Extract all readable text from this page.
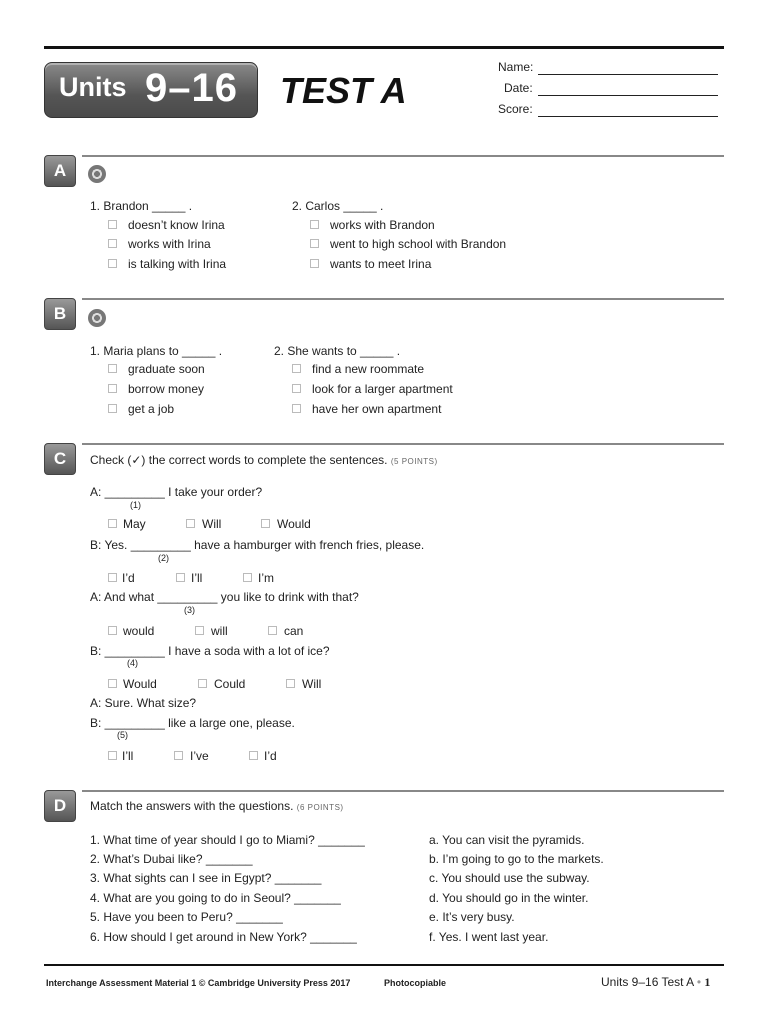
Units 9–16 TEST A
Name:
Date:
Score:
A
1. Brandon _____ .
doesn’t know Irina
works with Irina
is talking with Irina
2. Carlos _____ .
works with Brandon
went to high school with Brandon
wants to meet Irina
B
1. Maria plans to _____ .
graduate soon
borrow money
get a job
2. She wants to _____ .
find a new roommate
look for a larger apartment
have her own apartment
C	Check (✓) the correct words to complete the sentences. (5 POINTS)
A: _________ I take your order?
(1)
May	Will	Would
B: Yes. _________ have a hamburger with french fries, please.
(2)
I’d	I’ll	I’m
A: And what _________ you like to drink with that?
(3)
would	will	can
B: _________ I have a soda with a lot of ice?
(4)
Would	Could	Will
A: Sure. What size?
B: _________ like a large one, please.
(5)
I’ll	I’ve	I’d
D	Match the answers with the questions. (6 POINTS)
1. What time of year should I go to Miami? _______
2. What’s Dubai like? _______
3. What sights can I see in Egypt? _______
4. What are you going to do in Seoul? _______
5. Have you been to Peru? _______
6. How should I get around in New York? _______
a. You can visit the pyramids.
b. I’m going to go to the markets.
c. You should use the subway.
d. You should go in the winter.
e. It’s very busy.
f. Yes. I went last year.
Interchange Assessment Material 1 © Cambridge University Press 2017	Photocopiable	Units 9–16 Test A • 1
